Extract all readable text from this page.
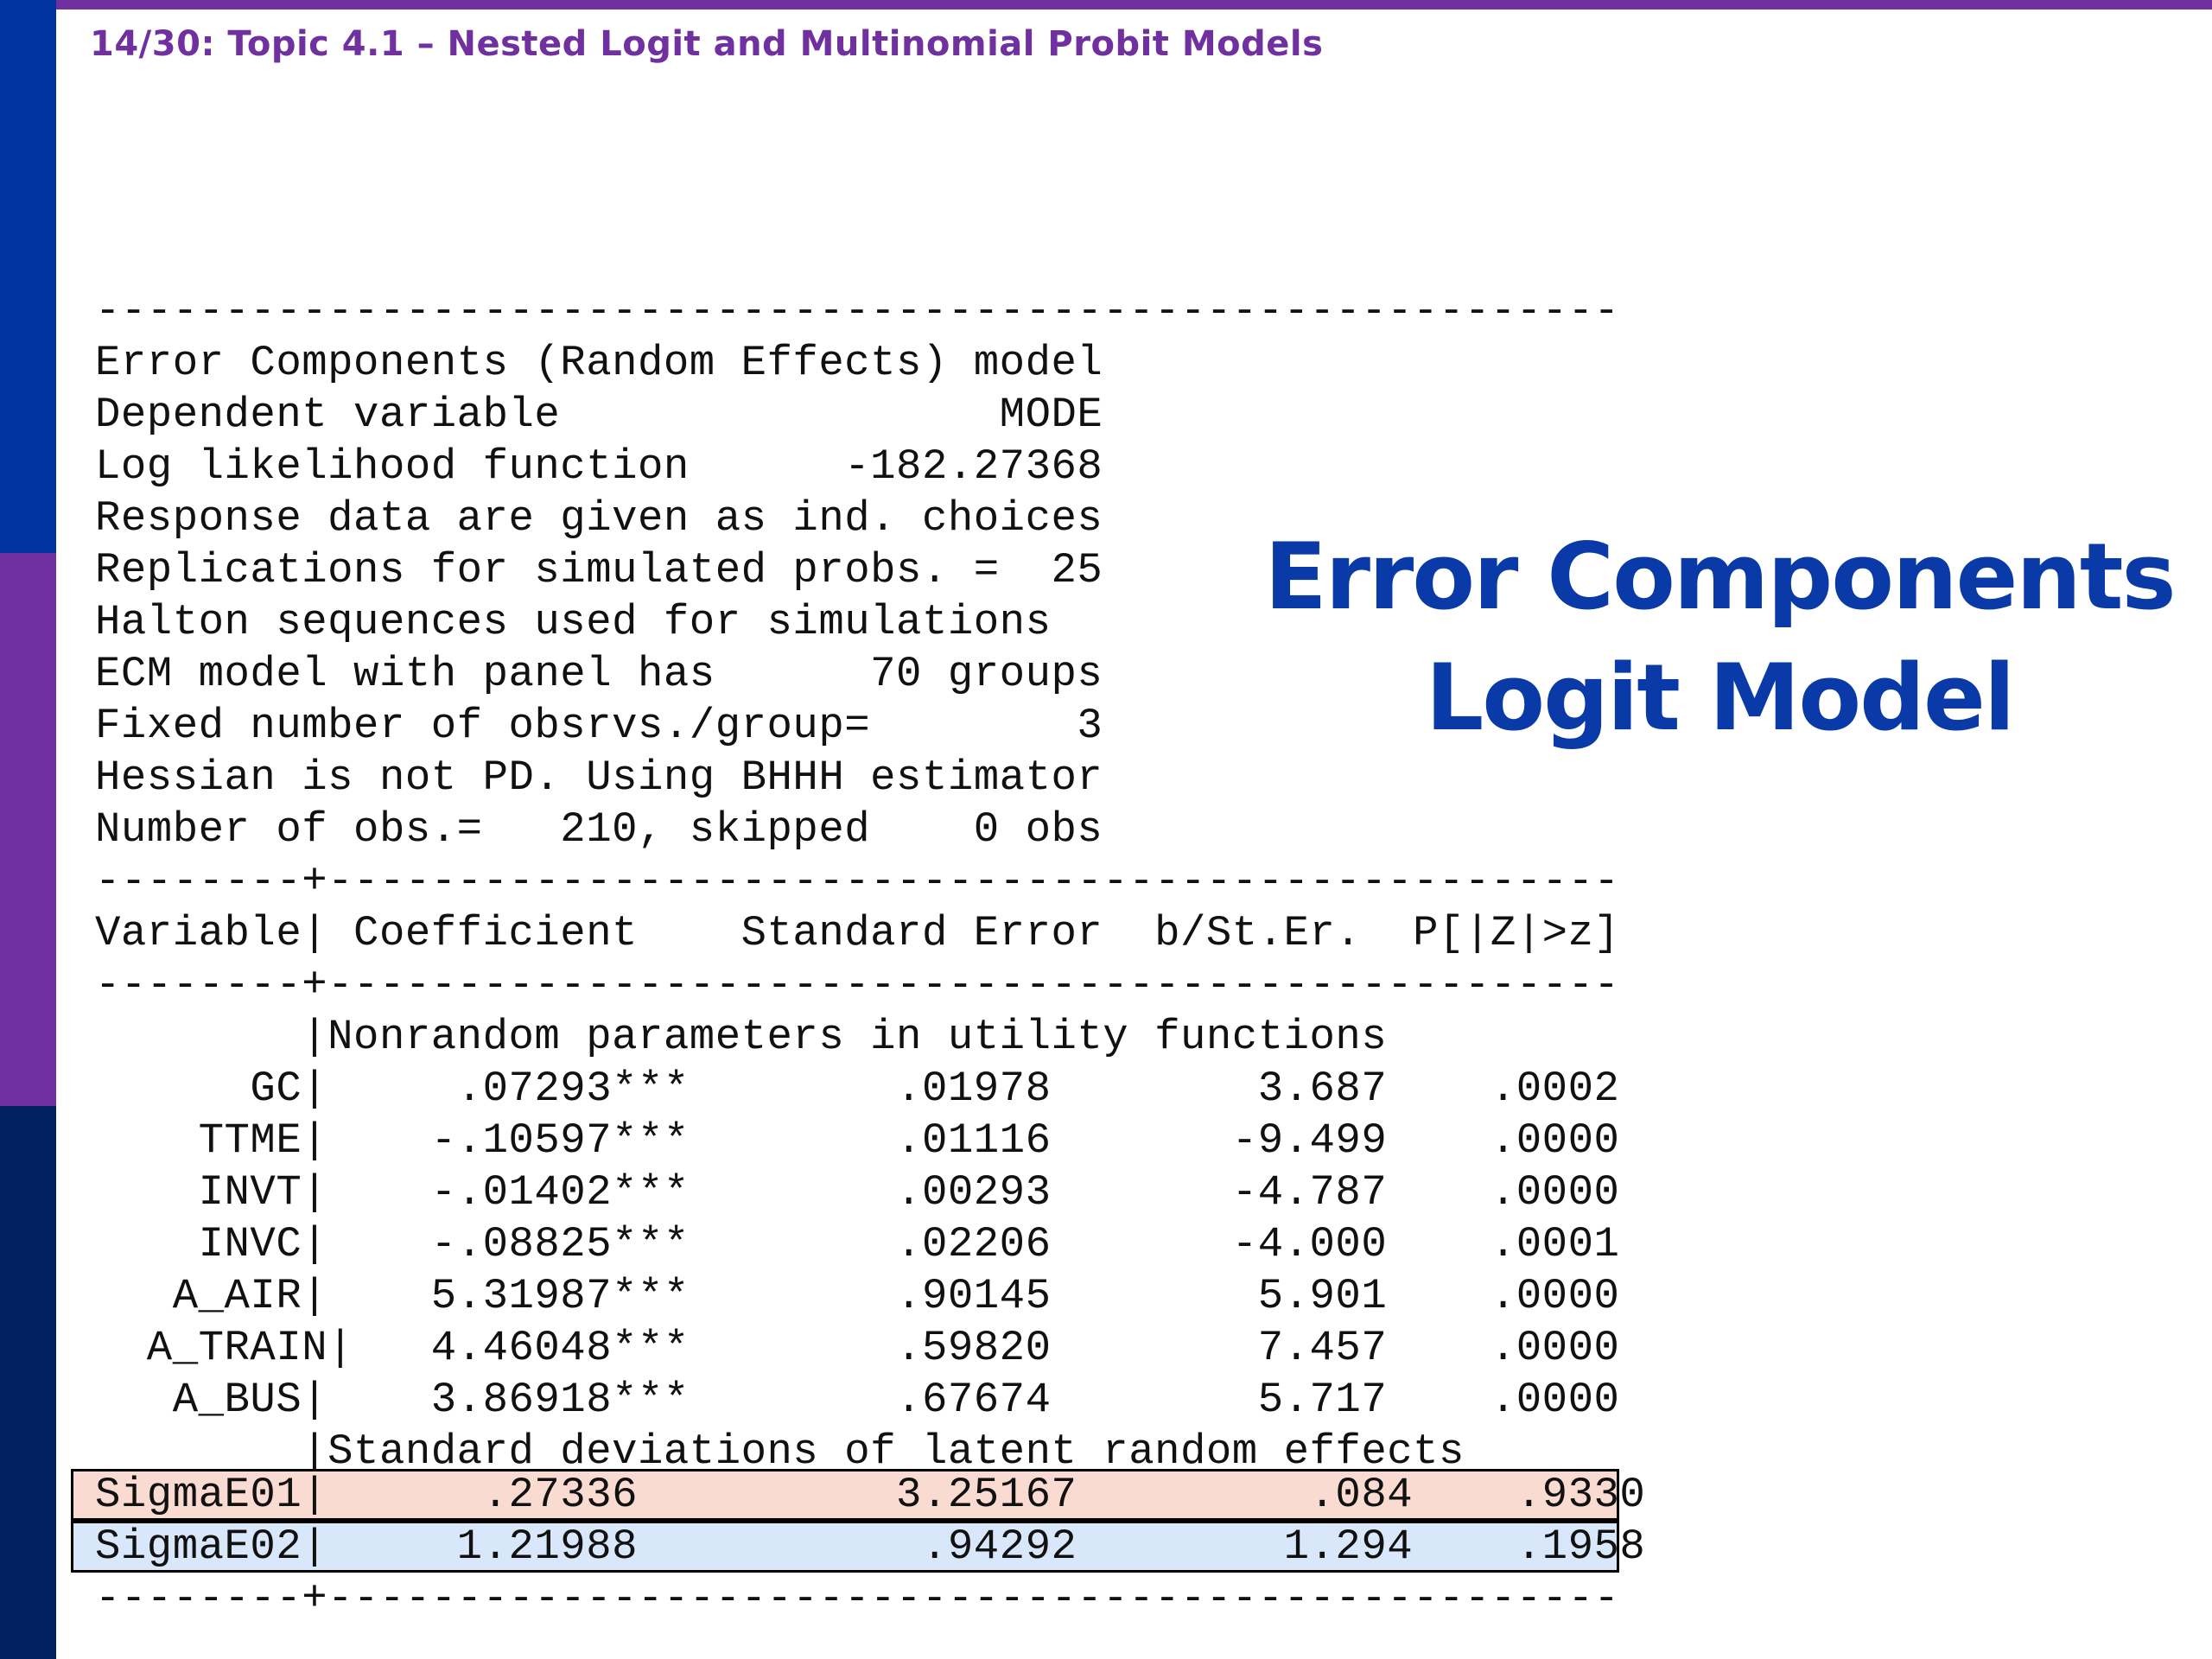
14/30: Topic 4.1 – Nested Logit and Multinomial Probit Models
Error Components
Logit Model
-----------------------------------------------------------
Error Components (Random Effects) model
Dependent variable                 MODE
Log likelihood function      -182.27368
Response data are given as ind. choices
Replications for simulated probs. =  25
Halton sequences used for simulations
ECM model with panel has      70 groups
Fixed number of obsrvs./group=        3
Hessian is not PD. Using BHHH estimator
Number of obs.=   210, skipped    0 obs
--------+--------------------------------------------------
Variable| Coefficient    Standard Error  b/St.Er.  P[|Z|>z]
--------+--------------------------------------------------
|Nonrandom parameters in utility functions
GC|     .07293***        .01978        3.687    .0002
TTME|    -.10597***        .01116       -9.499    .0000
INVT|    -.01402***        .00293       -4.787    .0000
INVC|    -.08825***        .02206       -4.000    .0001
A_AIR|    5.31987***        .90145        5.901    .0000
A_TRAIN|   4.46048***        .59820        7.457    .0000
A_BUS|    3.86918***        .67674        5.717    .0000
|Standard deviations of latent random effects
SigmaE01|      .27336          3.25167         .084    .9330
SigmaE02|     1.21988           .94292        1.294    .1958
--------+--------------------------------------------------
